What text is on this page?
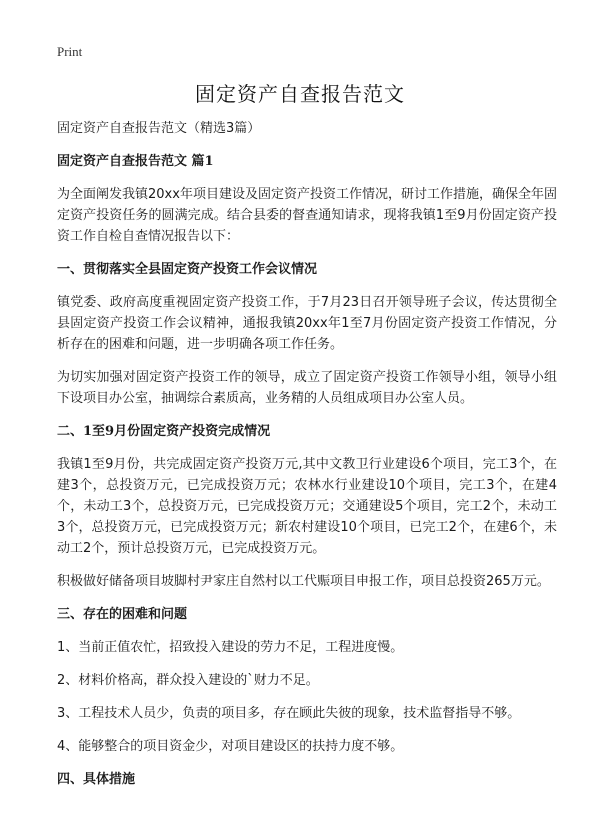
Print
固定资产自查报告范文

固定资产自查报告范文（精选3篇）

固定资产自查报告范文 篇1

为全面阐发我镇20xx年项目建设及固定资产投资工作情况，研讨工作措施，确保全年固定资产投资任务的圆满完成。结合县委的督查通知请求，现将我镇1至9月份固定资产投资工作自检自查情况报告以下：

一、贯彻落实全县固定资产投资工作会议情况

镇党委、政府高度重视固定资产投资工作，于7月23日召开领导班子会议，传达贯彻全县固定资产投资工作会议精神，通报我镇20xx年1至7月份固定资产投资工作情况，分析存在的困难和问题，进一步明确各项工作任务。

为切实加强对固定资产投资工作的领导，成立了固定资产投资工作领导小组，领导小组下设项目办公室，抽调综合素质高，业务精的人员组成项目办公室人员。

二、1至9月份固定资产投资完成情况

我镇1至9月份，共完成固定资产投资万元,其中文教卫行业建设6个项目，完工3个，在建3个，总投资万元，已完成投资万元；农林水行业建设10个项目，完工3个，在建4个，未动工3个，总投资万元，已完成投资万元；交通建设5个项目，完工2个，未动工3个，总投资万元，已完成投资万元；新农村建设10个项目，已完工2个，在建6个，未动工2个，预计总投资万元，已完成投资万元。

积极做好储备项目坡脚村尹家庄自然村以工代赈项目申报工作，项目总投资265万元。

三、存在的困难和问题

1、当前正值农忙，招致投入建设的劳力不足，工程进度慢。

2、材料价格高，群众投入建设的`财力不足。

3、工程技术人员少，负责的项目多，存在顾此失彼的现象，技术监督指导不够。

4、能够整合的项目资金少，对项目建设区的扶持力度不够。

四、具体措施
